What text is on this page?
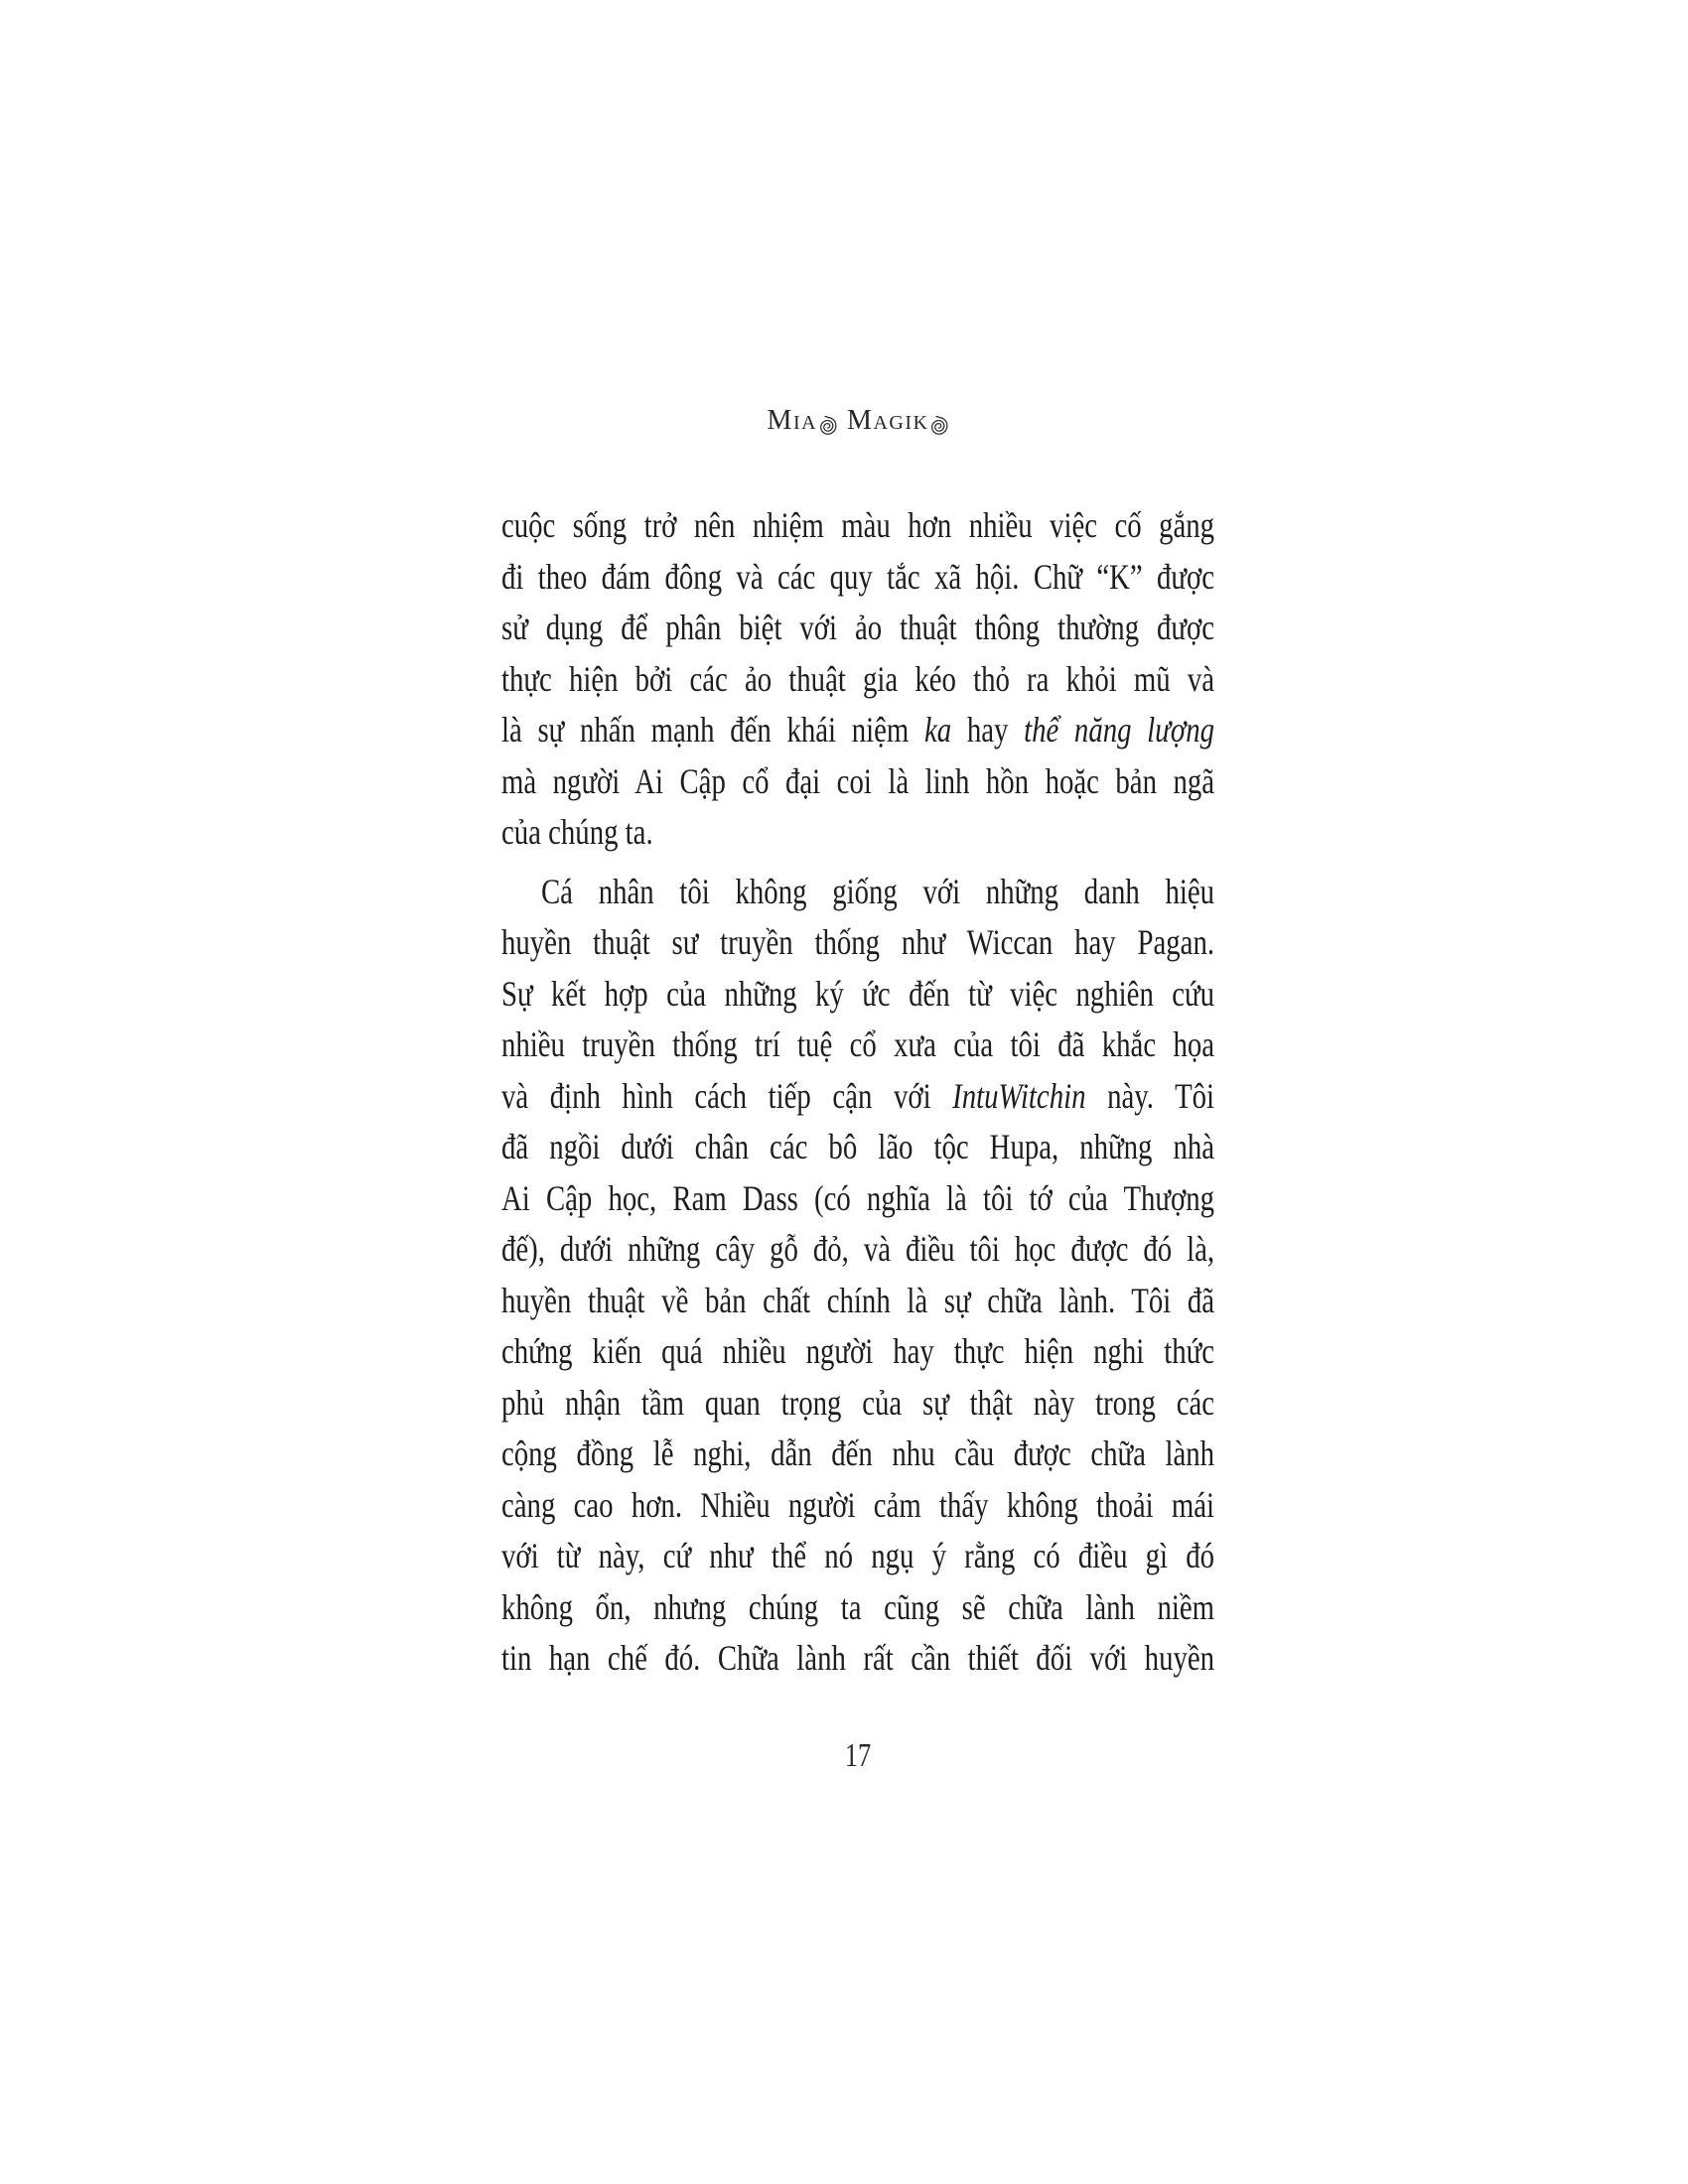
Mia Magik
cuộc sống trở nên nhiệm màu hơn nhiều việc cố gắng
đi theo đám đông và các quy tắc xã hội. Chữ “K” được
sử dụng để phân biệt với ảo thuật thông thường được
thực hiện bởi các ảo thuật gia kéo thỏ ra khỏi mũ và
là sự nhấn mạnh đến khái niệm ka hay thể năng lượng
mà người Ai Cập cổ đại coi là linh hồn hoặc bản ngã
của chúng ta.
Cá nhân tôi không giống với những danh hiệu
huyền thuật sư truyền thống như Wiccan hay Pagan.
Sự kết hợp của những ký ức đến từ việc nghiên cứu
nhiều truyền thống trí tuệ cổ xưa của tôi đã khắc họa
và định hình cách tiếp cận với IntuWitchin này. Tôi
đã ngồi dưới chân các bô lão tộc Hupa, những nhà
Ai Cập học, Ram Dass (có nghĩa là tôi tớ của Thượng
đế), dưới những cây gỗ đỏ, và điều tôi học được đó là,
huyền thuật về bản chất chính là sự chữa lành. Tôi đã
chứng kiến quá nhiều người hay thực hiện nghi thức
phủ nhận tầm quan trọng của sự thật này trong các
cộng đồng lễ nghi, dẫn đến nhu cầu được chữa lành
càng cao hơn. Nhiều người cảm thấy không thoải mái
với từ này, cứ như thể nó ngụ ý rằng có điều gì đó
không ổn, nhưng chúng ta cũng sẽ chữa lành niềm
tin hạn chế đó. Chữa lành rất cần thiết đối với huyền
17
